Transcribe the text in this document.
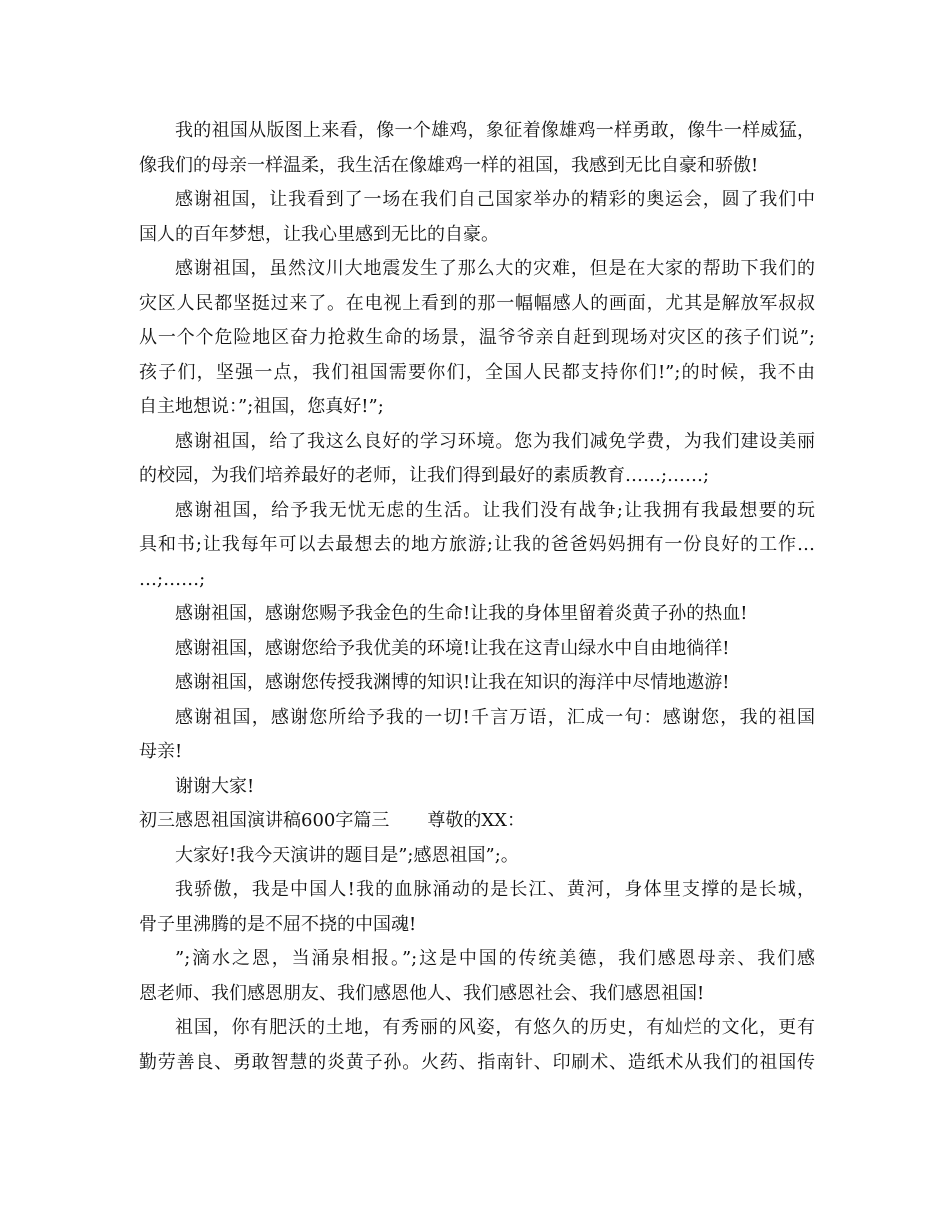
我的祖国从版图上来看，像一个雄鸡，象征着像雄鸡一样勇敢，像牛一样威猛，
像我们的母亲一样温柔，我生活在像雄鸡一样的祖国，我感到无比自豪和骄傲!
感谢祖国，让我看到了一场在我们自己国家举办的精彩的奥运会，圆了我们中
国人的百年梦想，让我心里感到无比的自豪。
感谢祖国，虽然汶川大地震发生了那么大的灾难，但是在大家的帮助下我们的
灾区人民都坚挺过来了。在电视上看到的那一幅幅感人的画面，尤其是解放军叔叔
从一个个危险地区奋力抢救生命的场景，温爷爷亲自赶到现场对灾区的孩子们说”;
孩子们，坚强一点，我们祖国需要你们，全国人民都支持你们!”;的时候，我不由
自主地想说：”;祖国，您真好!”;
感谢祖国，给了我这么良好的学习环境。您为我们减免学费，为我们建设美丽
的校园，为我们培养最好的老师，让我们得到最好的素质教育……;……;
感谢祖国，给予我无忧无虑的生活。让我们没有战争;让我拥有我最想要的玩
具和书;让我每年可以去最想去的地方旅游;让我的爸爸妈妈拥有一份良好的工作…
…;……;
感谢祖国，感谢您赐予我金色的生命!让我的身体里留着炎黄子孙的热血!
感谢祖国，感谢您给予我优美的环境!让我在这青山绿水中自由地徜徉!
感谢祖国，感谢您传授我渊博的知识!让我在知识的海洋中尽情地遨游!
感谢祖国，感谢您所给予我的一切!千言万语，汇成一句：感谢您，我的祖国
母亲!
谢谢大家!
初三感恩祖国演讲稿600字篇三 尊敬的XX：
大家好!我今天演讲的题目是”;感恩祖国”;。
我骄傲，我是中国人!我的血脉涌动的是长江、黄河，身体里支撑的是长城，
骨子里沸腾的是不屈不挠的中国魂!
”;滴水之恩，当涌泉相报。”;这是中国的传统美德，我们感恩母亲、我们感
恩老师、我们感恩朋友、我们感恩他人、我们感恩社会、我们感恩祖国!
祖国，你有肥沃的土地，有秀丽的风姿，有悠久的历史，有灿烂的文化，更有
勤劳善良、勇敢智慧的炎黄子孙。火药、指南针、印刷术、造纸术从我们的祖国传
